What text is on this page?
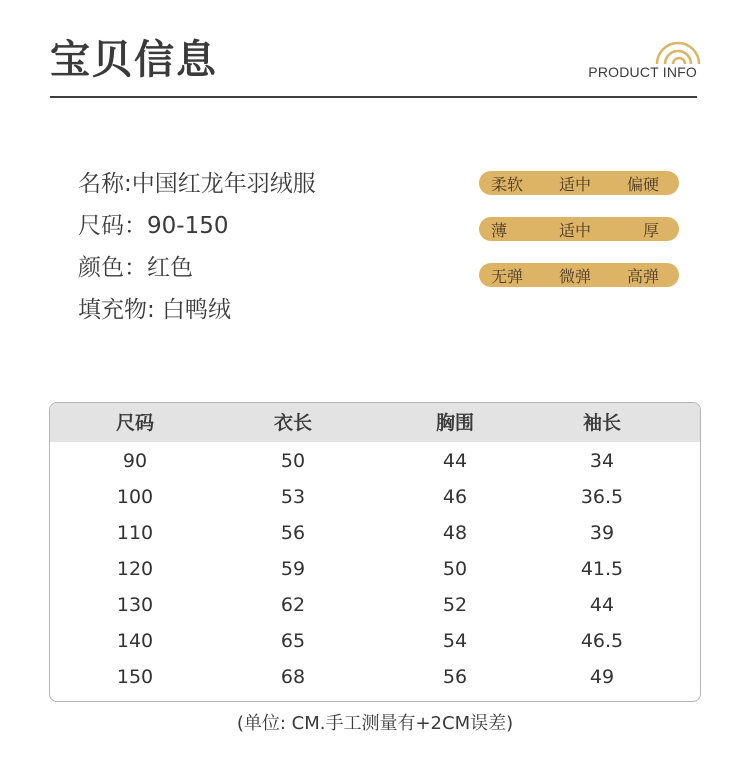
宝贝信息	PRODUCT INFO
名称:中国红龙年羽绒服
尺码：90-150
颜色：红色
填充物: 白鸭绒
柔软 适中 偏硬
薄	适中	厚
无弹 微弹 高弹
尺码	衣长	胸围	袖长
90	50	44	34
100	53	46	36.5
110	56	48	39
120	59	50	41.5
130	62	52	44
140	65	54	46.5
150	68	56	49
(单位: CM.手工测量有+2CM误差)
